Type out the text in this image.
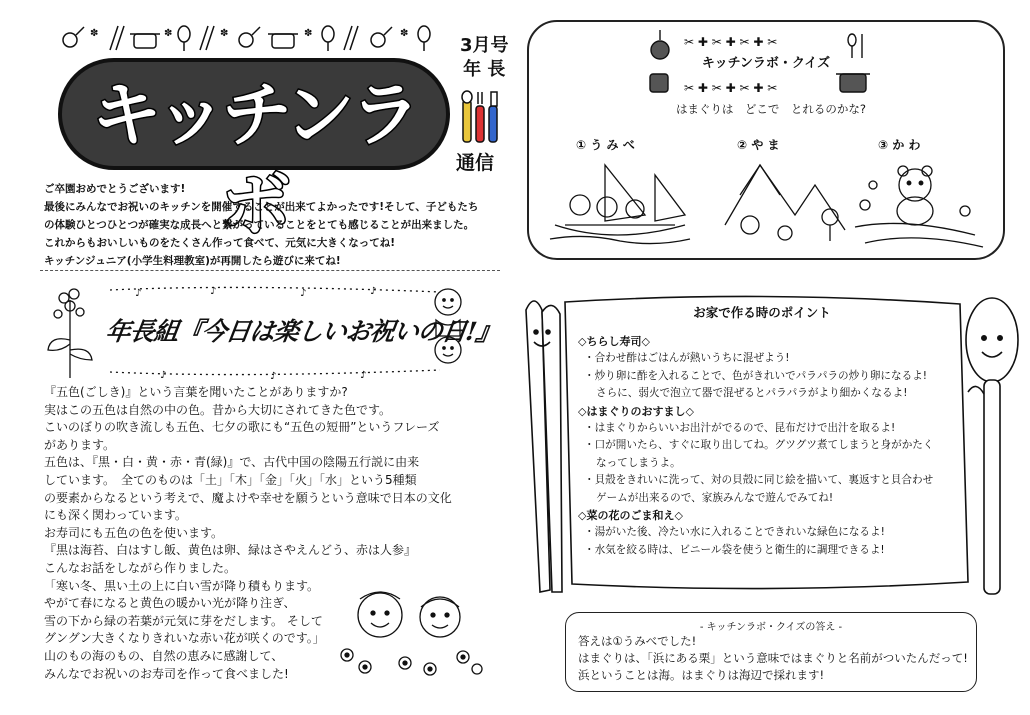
✽	✽	✽	✽	✽
キッチンラボ
3月号
年 長
通信

ご卒園おめでとうございます!

最後にみんなでお祝いのキッチンを開催することが出来てよかったです!そして、子どもたち

の体験ひとつひとつが確実な成長へと繋がっていることをとても感じることが出来ました。

これからもおいしいものをたくさん作って食べて、元気に大きくなってね!

キッチンジュニア(小学生料理教室)が再開したら遊びに来てね!

♪	♪	♪	♪
♪	♪	♪
年長組『今日は楽しいお祝いの日!』

『五色(ごしき)』という言葉を聞いたことがありますか?

実はこの五色は自然の中の色。昔から大切にされてきた色です。

こいのぼりの吹き流しも五色、七夕の歌にも“五色の短冊”というフレーズ

があります。

五色は、『黒・白・黄・赤・青(緑)』で、古代中国の陰陽五行説に由来

しています。　全てのものは「土」「木」「金」「火」「水」という5種類

の要素からなるという考えで、魔よけや幸せを願うという意味で日本の文化

にも深く関わっています。

お寿司にも五色の色を使います。

『黒は海苔、白はすし飯、黄色は卵、緑はさやえんどう、赤は人参』

こんなお話をしながら作りました。

「寒い冬、黒い土の上に白い雪が降り積もります。

やがて春になると黄色の暖かい光が降り注ぎ、

雪の下から緑の若葉が元気に芽をだします。 そして

グングン大きくなりきれいな赤い花が咲くのです。」

山のもの海のもの、自然の恵みに感謝して、

みんなでお祝いのお寿司を作って食べました!

✂ ✚ ✂ ✚ ✂ ✚ ✂
✂ ✚ ✂ ✚ ✂ ✚ ✂
キッチンラボ・クイズ
はまぐりは　どこで　とれるのかな?
① う み べ	② や ま	③ か わ
お家で作る時のポイント

◇ちらし寿司◇

・合わせ酢はごはんが熱いうちに混ぜよう!

・炒り卵に酢を入れることで、色がきれいでパラパラの炒り卵になるよ!

さらに、弱火で泡立て器で混ぜるとパラパラがより細かくなるよ!

◇はまぐりのおすまし◇

・はまぐりからいいお出汁がでるので、昆布だけで出汁を取るよ!

・口が開いたら、すぐに取り出してね。グツグツ煮てしまうと身がかたく

なってしまうよ。

・貝殻をきれいに洗って、対の貝殻に同じ絵を描いて、裏返すと貝合わせ

ゲームが出来るので、家族みんなで遊んでみてね!

◇菜の花のごま和え◇

・湯がいた後、冷たい水に入れることできれいな緑色になるよ!

・水気を絞る時は、ビニール袋を使うと衛生的に調理できるよ!

- キッチンラボ・クイズの答え -

答えは①うみべでした!

はまぐりは、「浜にある栗」という意味ではまぐりと名前がついたんだって!

浜ということは海。はまぐりは海辺で採れます!
